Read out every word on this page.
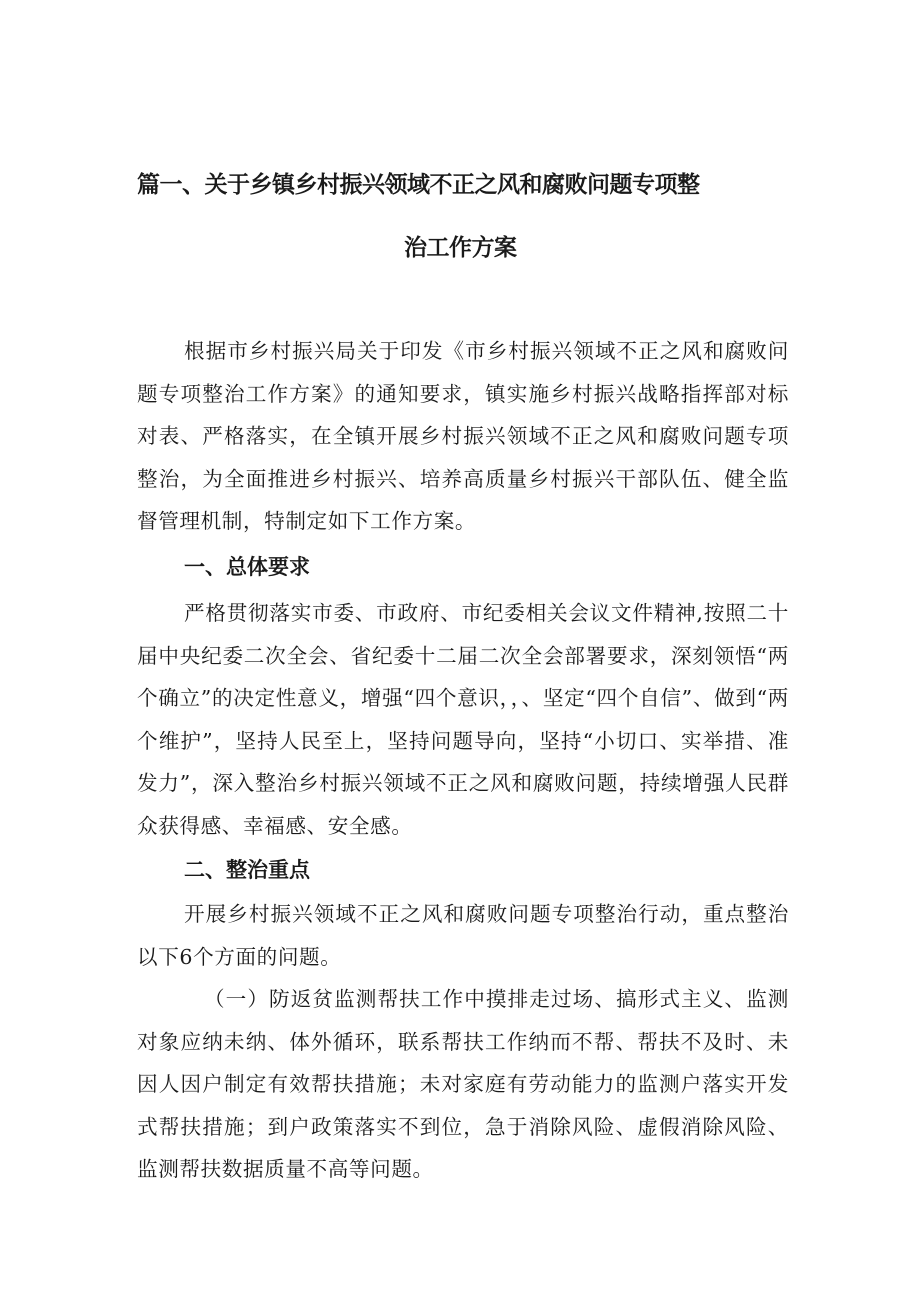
篇一、关于乡镇乡村振兴领域不正之风和腐败问题专项整
治工作方案

根据市乡村振兴局关于印发《市乡村振兴领域不正之风和腐败问题专项整治工作方案》的通知要求，镇实施乡村振兴战略指挥部对标对表、严格落实，在全镇开展乡村振兴领域不正之风和腐败问题专项整治，为全面推进乡村振兴、培养高质量乡村振兴干部队伍、健全监督管理机制，特制定如下工作方案。

一、总体要求

严格贯彻落实市委、市政府、市纪委相关会议文件精神,按照二十届中央纪委二次全会、省纪委十二届二次全会部署要求，深刻领悟“两个确立”的决定性意义，增强“四个意识，，、坚定“四个自信”、做到“两个维护”，坚持人民至上，坚持问题导向，坚持“小切口、实举措、准发力”，深入整治乡村振兴领域不正之风和腐败问题，持续增强人民群众获得感、幸福感、安全感。

二、整治重点

开展乡村振兴领域不正之风和腐败问题专项整治行动，重点整治以下6个方面的问题。

（一）防返贫监测帮扶工作中摸排走过场、搞形式主义、监测对象应纳未纳、体外循环，联系帮扶工作纳而不帮、帮扶不及时、未因人因户制定有效帮扶措施；未对家庭有劳动能力的监测户落实开发式帮扶措施；到户政策落实不到位，急于消除风险、虚假消除风险、监测帮扶数据质量不高等问题。
